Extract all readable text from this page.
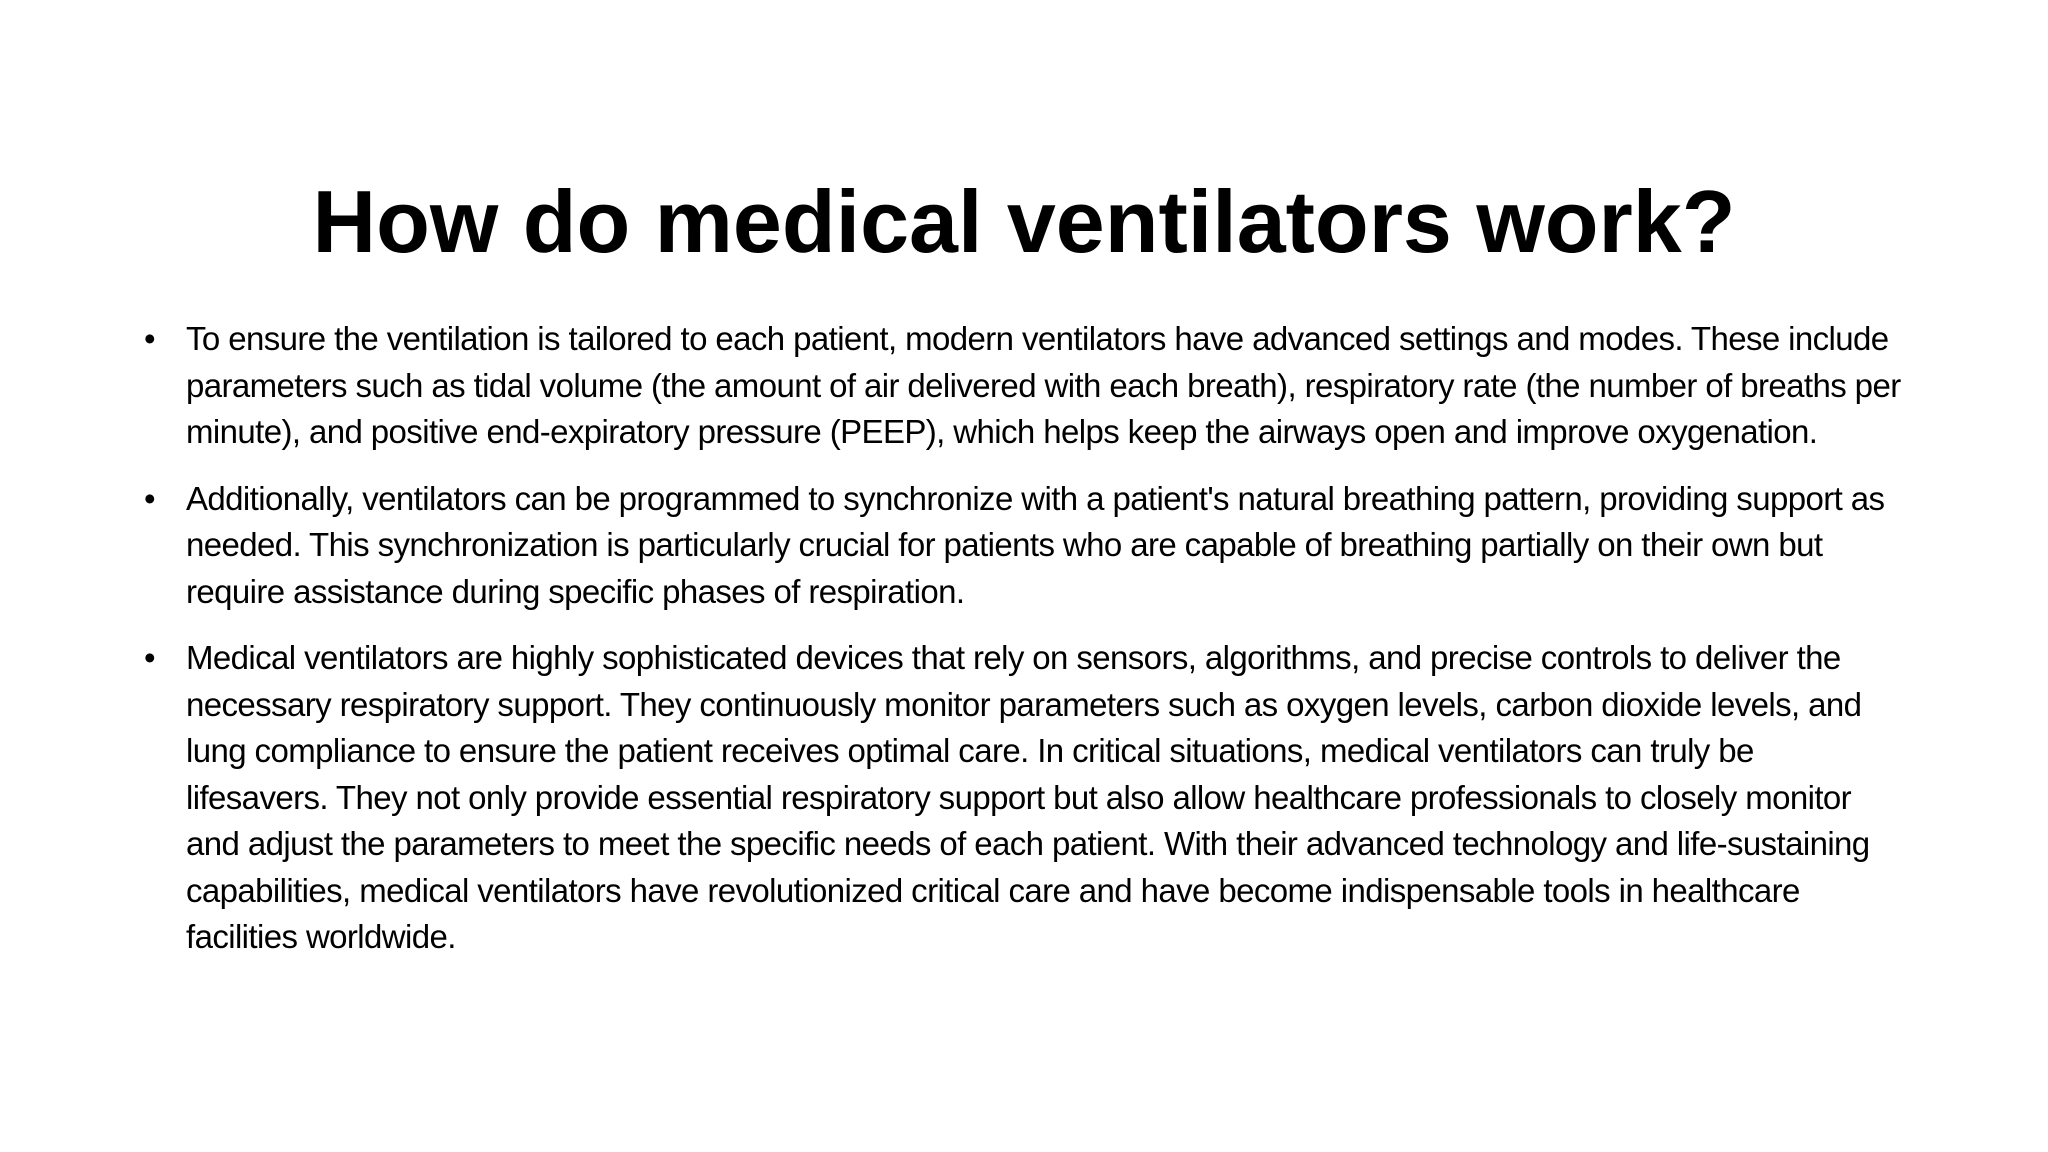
How do medical ventilators work?
• To ensure the ventilation is tailored to each patient, modern ventilators have advanced settings and modes. These include parameters such as tidal volume (the amount of air delivered with each breath), respiratory rate (the number of breaths per minute), and positive end-expiratory pressure (PEEP), which helps keep the airways open and improve oxygenation.
• Additionally, ventilators can be programmed to synchronize with a patient's natural breathing pattern, providing support as needed. This synchronization is particularly crucial for patients who are capable of breathing partially on their own but require assistance during specific phases of respiration.
• Medical ventilators are highly sophisticated devices that rely on sensors, algorithms, and precise controls to deliver the necessary respiratory support. They continuously monitor parameters such as oxygen levels, carbon dioxide levels, and lung compliance to ensure the patient receives optimal care. In critical situations, medical ventilators can truly be lifesavers. They not only provide essential respiratory support but also allow healthcare professionals to closely monitor and adjust the parameters to meet the specific needs of each patient. With their advanced technology and life-sustaining capabilities, medical ventilators have revolutionized critical care and have become indispensable tools in healthcare facilities worldwide.
